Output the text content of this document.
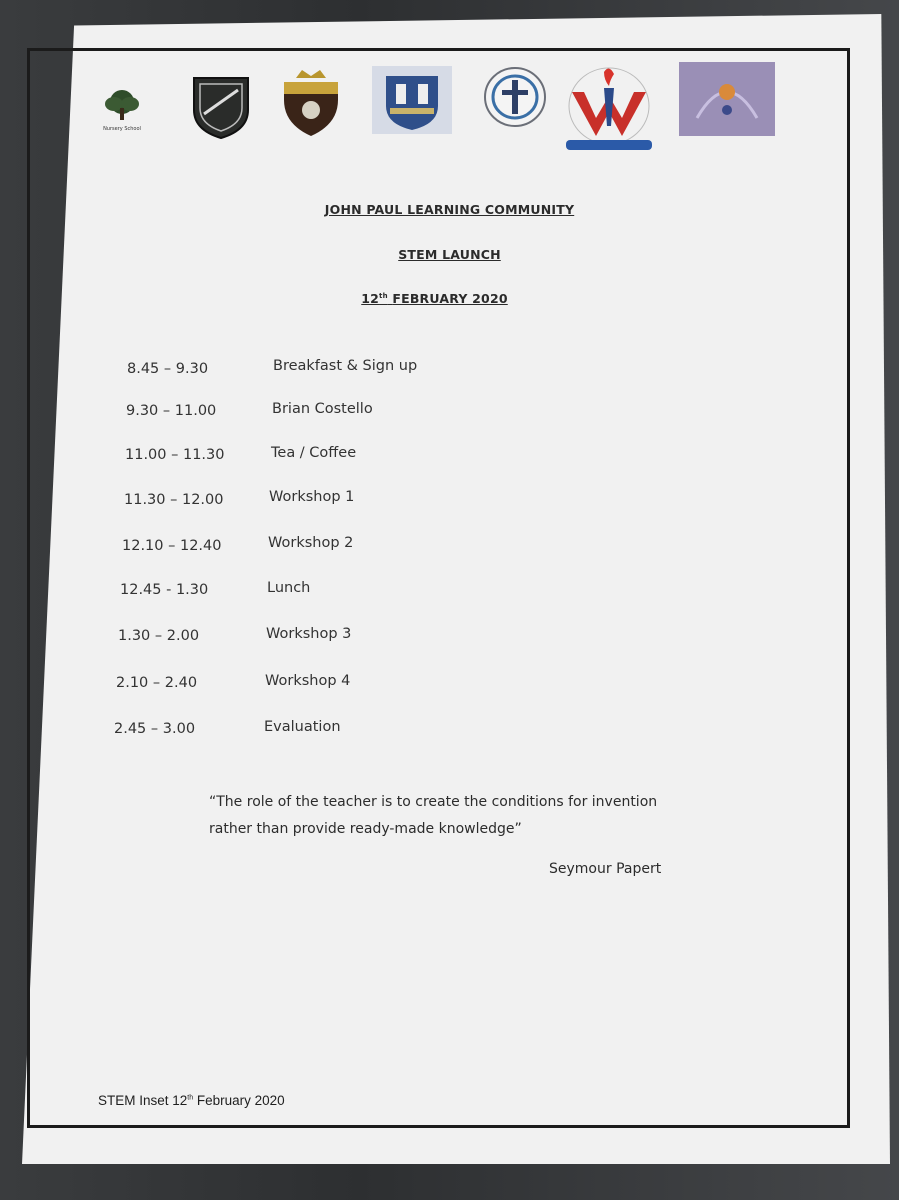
Nursery School
JOHN PAUL LEARNING COMMUNITY
STEM LAUNCH
12th FEBRUARY 2020
8.45 – 9.30	Breakfast & Sign up
9.30 – 11.00	Brian Costello
11.00 – 11.30	Tea / Coffee
11.30 – 12.00	Workshop 1
12.10 – 12.40	Workshop 2
12.45 - 1.30	Lunch
1.30 – 2.00	Workshop 3
2.10 – 2.40	Workshop 4
2.45 – 3.00	Evaluation
“The role of the teacher is to create the conditions for invention
rather than provide ready-made knowledge”
Seymour Papert
STEM Inset 12th February 2020
